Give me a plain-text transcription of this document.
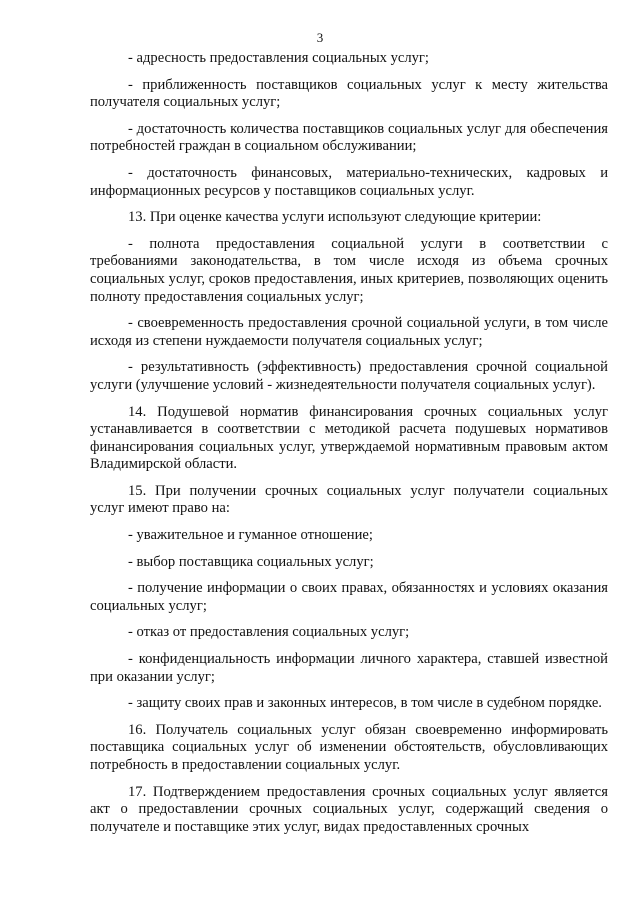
3

- адресность предоставления социальных услуг;

- приближенность поставщиков социальных услуг к месту жительства получателя социальных услуг;

- достаточность количества поставщиков социальных услуг для обеспечения потребностей граждан в социальном обслуживании;

- достаточность финансовых, материально-технических, кадровых и информационных ресурсов у поставщиков социальных услуг.

13. При оценке качества услуги используют следующие критерии:

- полнота предоставления социальной услуги в соответствии с требованиями законодательства, в том числе исходя из объема срочных социальных услуг, сроков предоставления, иных критериев, позволяющих оценить полноту предоставления социальных услуг;

- своевременность предоставления срочной социальной услуги, в том числе исходя из степени нуждаемости получателя социальных услуг;

- результативность (эффективность) предоставления срочной социальной услуги (улучшение условий - жизнедеятельности получателя социальных услуг).

14. Подушевой норматив финансирования срочных социальных услуг устанавливается в соответствии с методикой расчета подушевых нормативов финансирования социальных услуг, утверждаемой нормативным правовым актом Владимирской области.

15. При получении срочных социальных услуг получатели социальных услуг имеют право на:

- уважительное и гуманное отношение;

- выбор поставщика социальных услуг;

- получение информации о своих правах, обязанностях и условиях оказания социальных услуг;

- отказ от предоставления социальных услуг;

- конфиденциальность информации личного характера, ставшей известной при оказании услуг;

- защиту своих прав и законных интересов, в том числе в судебном порядке.

16. Получатель социальных услуг обязан своевременно информировать поставщика социальных услуг об изменении обстоятельств, обусловливающих потребность в предоставлении социальных услуг.

17. Подтверждением предоставления срочных социальных услуг является акт о предоставлении срочных социальных услуг, содержащий сведения о получателе и поставщике этих услуг, видах предоставленных срочных
